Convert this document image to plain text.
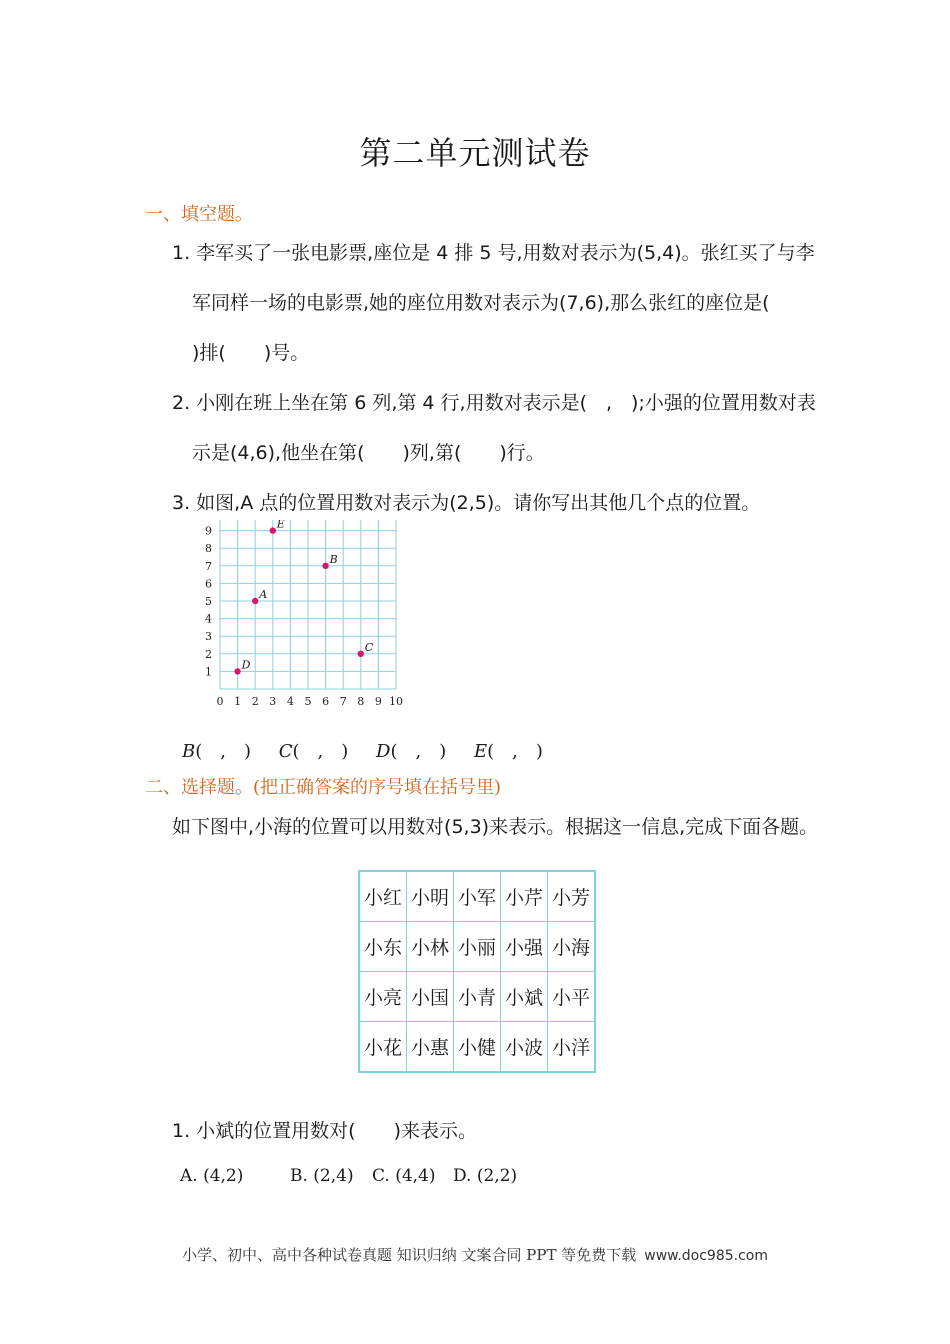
第二单元测试卷
一、填空题。
1. 李军买了一张电影票,座位是 4 排 5 号,用数对表示为(5,4)。张红买了与李
军同样一场的电影票,她的座位用数对表示为(7,6),那么张红的座位是(
)排(　　)号。
2. 小刚在班上坐在第 6 列,第 4 行,用数对表示是(　,　);小强的位置用数对表
示是(4,6),他坐在第(　　)列,第(　　)行。
3. 如图,A 点的位置用数对表示为(2,5)。请你写出其他几个点的位置。
0 1 2 3 4 5 6 7 8 9 10
1
2
3
4
5
6
7
8
9
A
B
C
D
E
B(　,　) C(　,　) D(　,　) E(　,　)
二、选择题。(把正确答案的序号填在括号里)
如下图中,小海的位置可以用数对(5,3)来表示。根据这一信息,完成下面各题。
小红	小明	小军	小芹	小芳
小东	小林	小丽	小强	小海
小亮	小国	小青	小斌	小平
小花	小惠	小健	小波	小洋
1. 小斌的位置用数对(　　)来表示。
A. (4,2)	B. (2,4) C. (4,4) D. (2,2)
小学、初中、高中各种试卷真题 知识归纳 文案合同 PPT 等免费下载 www.doc985.com
